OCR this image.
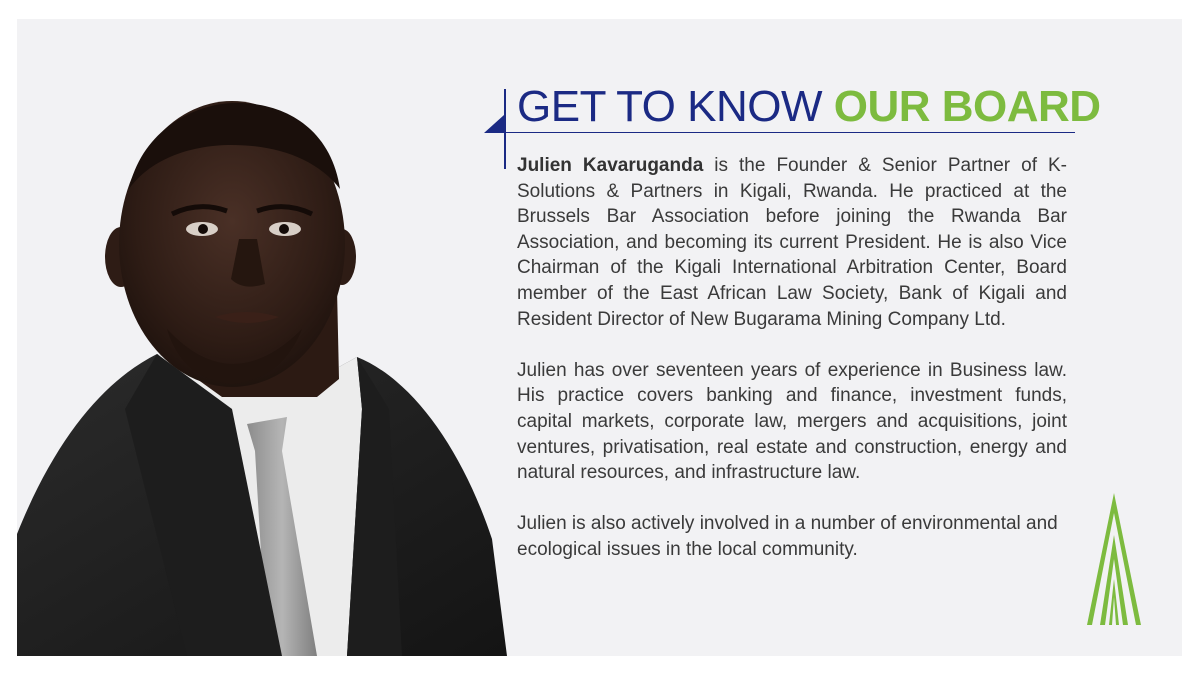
GET TO KNOW OUR BOARD

Julien Kavaruganda is the Founder & Senior Partner of K-Solutions & Partners in Kigali, Rwanda. He practiced at the Brussels Bar Association before joining the Rwanda Bar Association, and becoming its current President. He is also Vice Chairman of the Kigali International Arbitration Center, Board member of the East African Law Society, Bank of Kigali and Resident Director of New Bugarama Mining Company Ltd.

Julien has over seventeen years of experience in Business law. His practice covers banking and finance, investment funds, capital markets, corporate law, mergers and acquisitions, joint ventures, privatisation, real estate and construction, energy and natural resources, and infrastructure law.

Julien is also actively involved in a number of environmental and ecological issues in the local community.
